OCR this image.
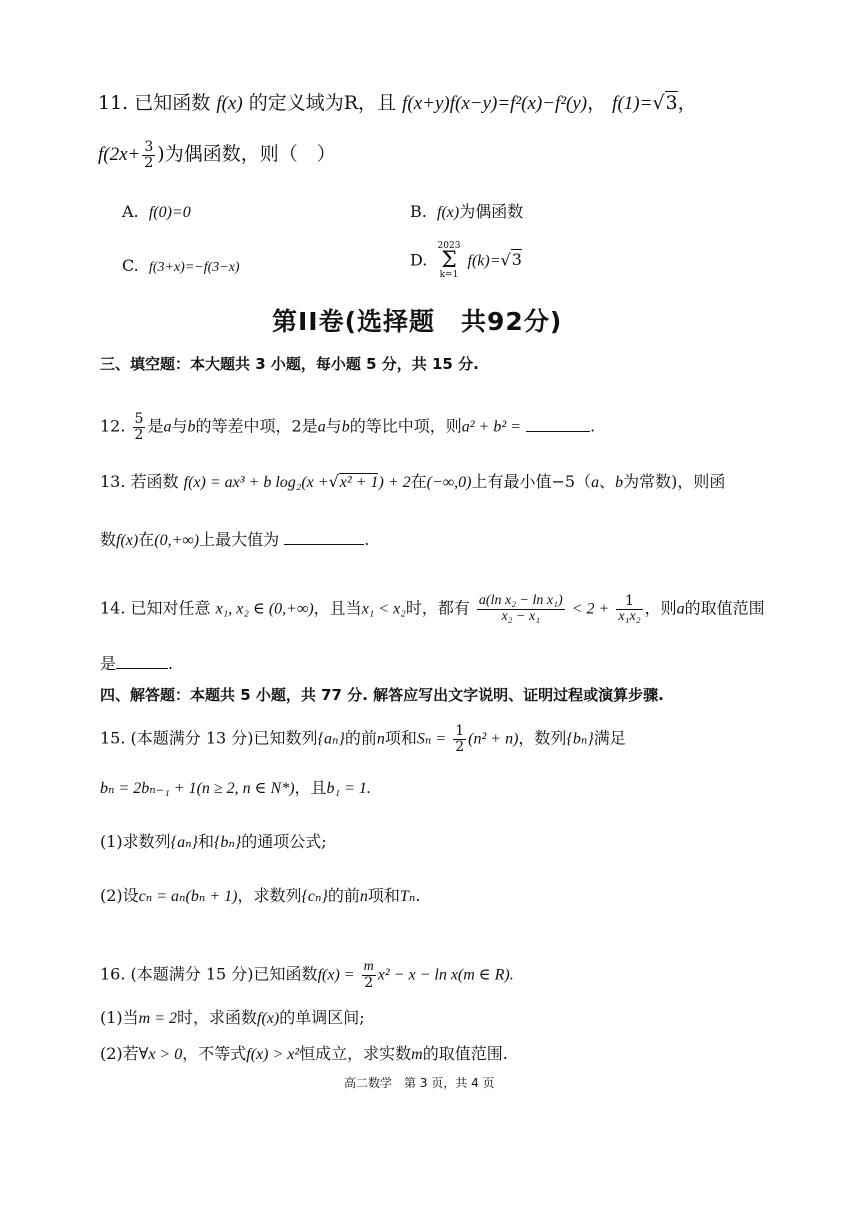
11. 已知函数 f(x) 的定义域为R，且 f(x+y)f(x−y)=f²(x)−f²(y)， f(1)=√3，
$f(2x+ \frac{3}{2}$ )为偶函数，则（　）
A. f(0)=0	B. f(x)为偶函数
C. f(3+x)=−f(3−x)	D.
2023
Σ
k=1
f(k)=√3
第II卷(选择题　共92分)
三、填空题：本大题共 3 小题，每小题 5 分，共 15 分.
12. $\frac{5}{2}$ 是a与b的等差中项，2是a与b的等比中项，则a² + b² =	.
13. 若函数 f(x) = ax³ + b log₂(x +√x² + 1) + 2在(−∞,0)上有最小值−5（a、b为常数)，则函
数f(x)在(0,+∞)上最大值为	.
14. 已知对任意 x₁, x₂ ∈ (0,+∞)，且当x₁ < x₂时，都有 $\frac{\text{a(ln x₂ − ln x₁)}}{\text{x₂ − x₁}} < 2 + \frac{1}{\text{x₁x₂}}$ ，则a的取值范围
是	.
四、解答题：本题共 5 小题，共 77 分. 解答应写出文字说明、证明过程或演算步骤.
15. (本题满分 13 分)已知数列{aₙ}的前n项和$S_n = \frac{1}{2} (n^2 + n)$，数列{bₙ}满足
bₙ = 2bₙ₋₁ + 1(n ≥ 2, n ∈ N*)，且b₁ = 1.
(1)求数列{aₙ}和{bₙ}的通项公式;
(2)设cₙ = aₙ(bₙ + 1)，求数列{cₙ}的前n项和Tₙ.
16. (本题满分 15 分)已知函数$f(x) = \frac{m}{2} x^2 - x - \ln x(m$ ∈ R).
(1)当m = 2时，求函数f(x)的单调区间;
(2)若∀x > 0，不等式f(x) > x²恒成立，求实数m的取值范围.
高二数学　第 3 页，共 4 页
